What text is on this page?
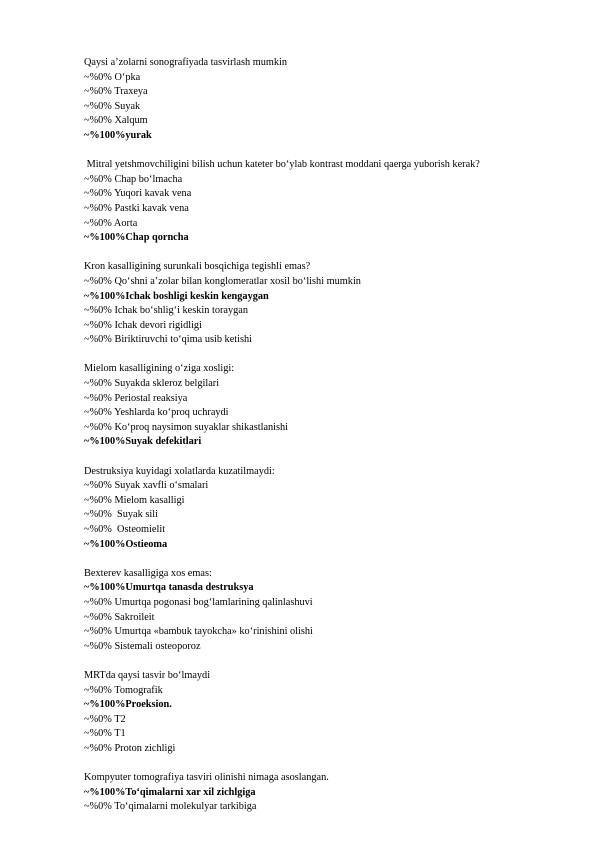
Qaysi a’zolarni sonografiyada tasvirlash mumkin

~%0% O‘pka

~%0% Traxeya

~%0% Suyak

~%0% Xalqum

~%100%yurak

Mitral yetshmovchiligini bilish uchun kateter bo‘ylab kontrast moddani qaerga yuborish kerak?

~%0% Chap bo‘lmacha

~%0% Yuqori kavak vena

~%0% Pastki kavak vena

~%0% Aorta

~%100%Chap qorncha

Kron kasalligining surunkali bosqichiga tegishli emas?

~%0% Qo‘shni a’zolar bilan konglomeratlar xosil bo‘lishi mumkin

~%100%Ichak boshligi keskin kengaygan

~%0% Ichak bo‘shlig‘i keskin toraygan

~%0% Ichak devori rigidligi

~%0% Biriktiruvchi to‘qima usib ketishi

Mielom kasalligining o‘ziga xosligi:

~%0% Suyakda skleroz belgilari

~%0% Periostal reaksiya

~%0% Yeshlarda ko‘proq uchraydi

~%0% Ko‘proq naysimon suyaklar shikastlanishi

~%100%Suyak defekitlari

Destruksiya kuyidagi xolatlarda kuzatilmaydi:

~%0% Suyak xavfli o‘smalari

~%0% Mielom kasalligi

~%0%  Suyak sili

~%0%  Osteomielit

~%100%Ostieoma

Bexterev kasalligiga xos emas:

~%100%Umurtqa tanasda destruksya

~%0% Umurtqa pogonasi bog‘lamlarining qalinlashuvi

~%0% Sakroileit

~%0% Umurtqa «bambuk tayokcha» ko‘rinishini olishi

~%0% Sistemali osteoporoz

MRTda qaysi tasvir bo‘lmaydi

~%0% Tomografik

~%100%Proeksion.

~%0% T2

~%0% T1

~%0% Proton zichligi

Kompyuter tomografiya tasviri olinishi nimaga asoslangan.

~%100%To‘qimalarni xar xil zichlgiga

~%0% To‘qimalarni molekulyar tarkibiga
